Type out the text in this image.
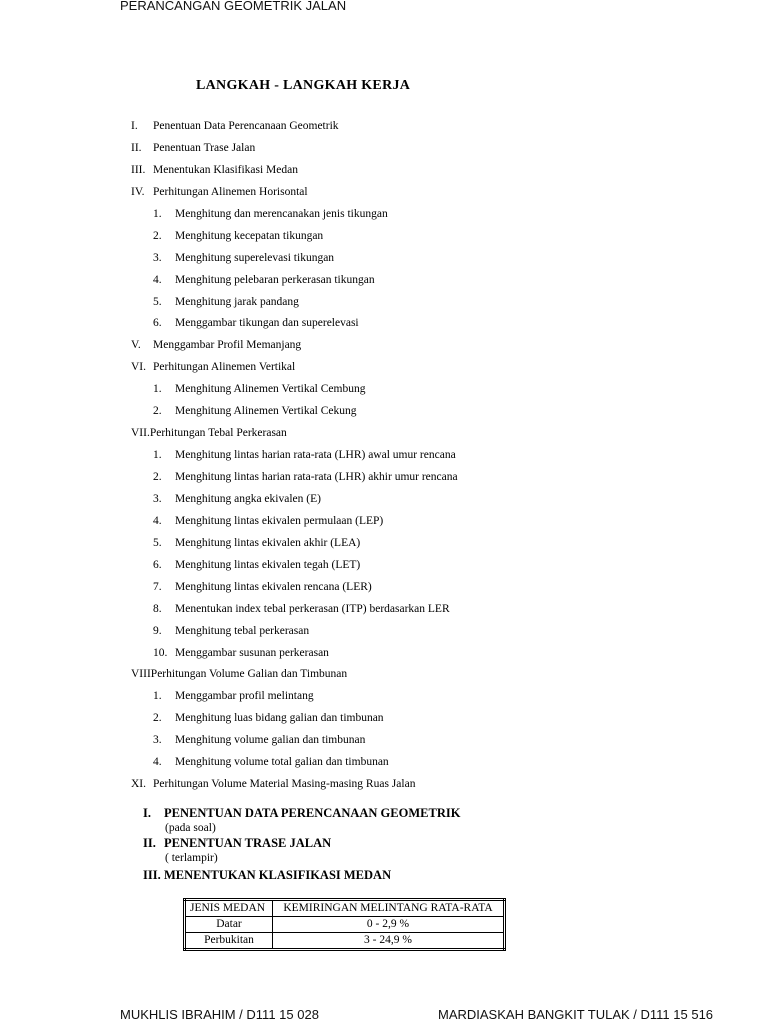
PERANCANGAN GEOMETRIK JALAN
LANGKAH - LANGKAH KERJA
I. Penentuan Data Perencanaan Geometrik
II. Penentuan Trase Jalan
III. Menentukan Klasifikasi Medan
IV. Perhitungan Alinemen Horisontal
1. Menghitung dan merencanakan jenis tikungan
2. Menghitung kecepatan tikungan
3. Menghitung superelevasi tikungan
4. Menghitung pelebaran perkerasan tikungan
5. Menghitung jarak pandang
6. Menggambar tikungan dan superelevasi
V. Menggambar Profil Memanjang
VI. Perhitungan Alinemen Vertikal
1. Menghitung Alinemen Vertikal Cembung
2. Menghitung Alinemen Vertikal Cekung
VII.Perhitungan Tebal Perkerasan
1. Menghitung lintas harian rata-rata (LHR) awal umur rencana
2. Menghitung lintas harian rata-rata (LHR) akhir umur rencana
3. Menghitung angka ekivalen (E)
4. Menghitung lintas ekivalen permulaan (LEP)
5. Menghitung lintas ekivalen akhir (LEA)
6. Menghitung lintas ekivalen tegah (LET)
7. Menghitung lintas ekivalen rencana (LER)
8. Menentukan index tebal perkerasan (ITP) berdasarkan LER
9. Menghitung tebal perkerasan
10. Menggambar susunan perkerasan
VIIIPerhitungan Volume Galian dan Timbunan
1. Menggambar profil melintang
2. Menghitung luas bidang galian dan timbunan
3. Menghitung volume galian dan timbunan
4. Menghitung volume total galian dan timbunan
XI. Perhitungan Volume Material Masing-masing Ruas Jalan
I. PENENTUAN DATA PERENCANAAN GEOMETRIK
(pada soal)
II. PENENTUAN TRASE JALAN
( terlampir)
III. MENENTUKAN KLASIFIKASI MEDAN
JENIS MEDAN	KEMIRINGAN MELINTANG RATA-RATA
Datar	0 - 2,9 %
Perbukitan	3 - 24,9 %
MUKHLIS IBRAHIM / D111 15 028	MARDIASKAH BANGKIT TULAK / D111 15 516
